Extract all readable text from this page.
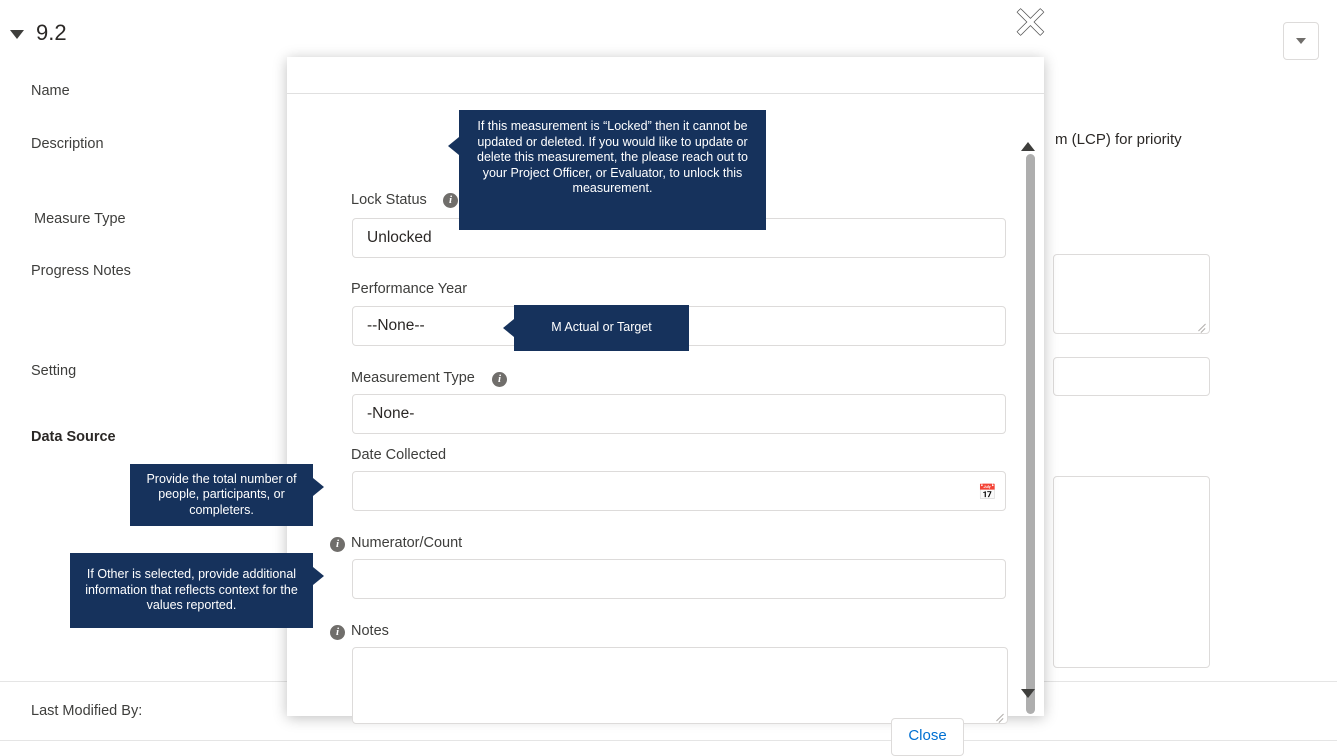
9.2
Name
Description
Measure Type
Progress Notes
Setting
Data Source
Last Modified By:
m (LCP) for priority
Lock Status	i
Unlocked
Performance Year
--None--
Measurement Type	i
-None-
Date Collected
📅
Numerator/Count
i
Notes
i
Close
✕
If this measurement is “Locked” then it cannot be updated or deleted. If you would like to update or delete this measurement, the please reach out to your Project Officer, or Evaluator, to unlock this measurement.
M Actual or Target
Provide the total number of people, participants, or completers.
If Other is selected, provide additional information that reflects context for the values reported.
